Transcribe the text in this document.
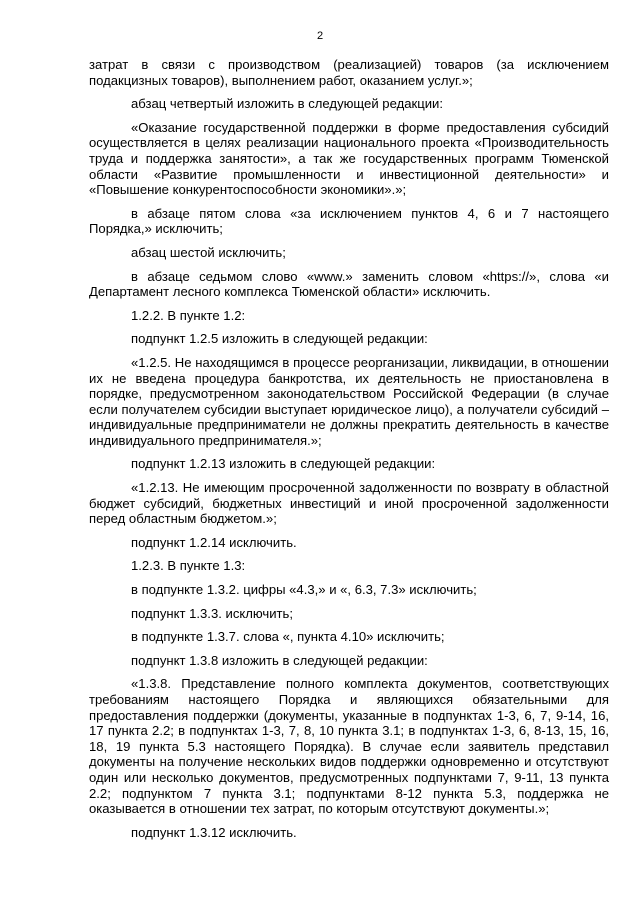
2

затрат в связи с производством (реализацией) товаров (за исключением подакцизных товаров), выполнением работ, оказанием услуг.»;

абзац четвертый изложить в следующей редакции:

«Оказание государственной поддержки в форме предоставления субсидий осуществляется в целях реализации национального проекта «Производительность труда и поддержка занятости», а так же государственных программ Тюменской области «Развитие промышленности и инвестиционной деятельности» и «Повышение конкурентоспособности экономики».»;

в абзаце пятом слова «за исключением пунктов 4, 6 и 7 настоящего Порядка,» исключить;

абзац шестой исключить;

в абзаце седьмом слово «www.» заменить словом «https://», слова «и Департамент лесного комплекса Тюменской области» исключить.

1.2.2. В пункте 1.2:

подпункт 1.2.5 изложить в следующей редакции:

«1.2.5. Не находящимся в процессе реорганизации, ликвидации, в отношении их не введена процедура банкротства, их деятельность не приостановлена в порядке, предусмотренном законодательством Российской Федерации (в случае если получателем субсидии выступает юридическое лицо), а получатели субсидий – индивидуальные предприниматели не должны прекратить деятельность в качестве индивидуального предпринимателя.»;

подпункт 1.2.13 изложить в следующей редакции:

«1.2.13. Не имеющим просроченной задолженности по возврату в областной бюджет субсидий, бюджетных инвестиций и иной просроченной задолженности перед областным бюджетом.»;

подпункт 1.2.14 исключить.

1.2.3. В пункте 1.3:

в подпункте 1.3.2. цифры «4.3,» и «, 6.3, 7.3» исключить;

подпункт 1.3.3. исключить;

в подпункте 1.3.7. слова «, пункта 4.10» исключить;

подпункт 1.3.8 изложить в следующей редакции:

«1.3.8. Представление полного комплекта документов, соответствующих требованиям настоящего Порядка и являющихся обязательными для предоставления поддержки (документы, указанные в подпунктах 1-3, 6, 7, 9-14, 16, 17 пункта 2.2; в подпунктах 1-3, 7, 8, 10 пункта 3.1; в подпунктах 1-3, 6, 8-13, 15, 16, 18, 19 пункта 5.3 настоящего Порядка). В случае если заявитель представил документы на получение нескольких видов поддержки одновременно и отсутствуют один или несколько документов, предусмотренных подпунктами 7, 9-11, 13 пункта 2.2; подпунктом 7 пункта 3.1; подпунктами 8-12 пункта 5.3, поддержка не оказывается в отношении тех затрат, по которым отсутствуют документы.»;

подпункт 1.3.12 исключить.
